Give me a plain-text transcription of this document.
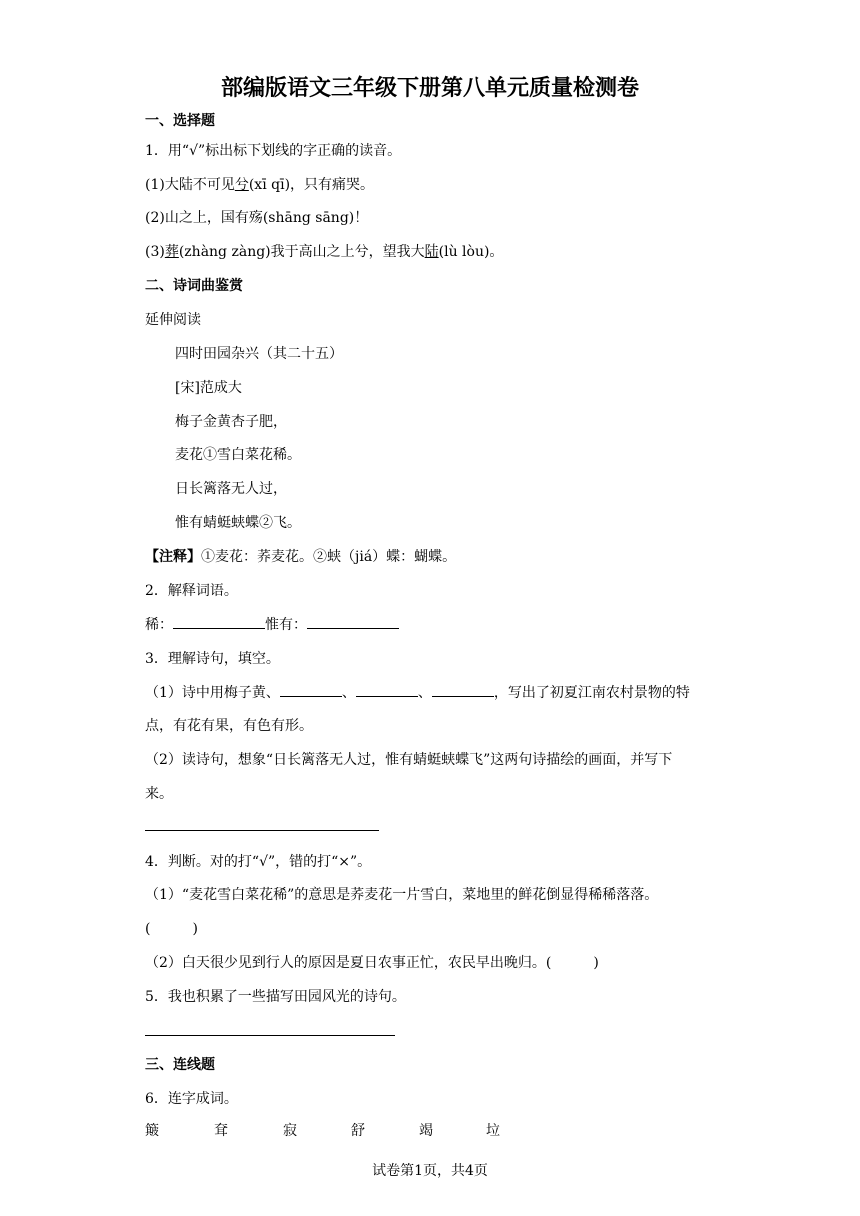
部编版语文三年级下册第八单元质量检测卷
一、选择题
1．用“√”标出标下划线的字正确的读音。
(1)大陆不可见兮(xī qī)，只有痛哭。
(2)山之上，国有殇(shāng sāng)！
(3)葬(zhàng zàng)我于高山之上兮，望我大陆(lù lòu)。
二、诗词曲鉴赏
延伸阅读
四时田园杂兴（其二十五）
[宋]范成大
梅子金黄杏子肥，
麦花①雪白菜花稀。
日长篱落无人过，
惟有蜻蜓蛱蝶②飞。
【注释】①麦花：荞麦花。②蛱（jiá）蝶：蝴蝶。
2．解释词语。
稀：	惟有：
3．理解诗句，填空。
（1）诗中用梅子黄、	、	、	，写出了初夏江南农村景物的特
点，有花有果，有色有形。
（2）读诗句，想象“日长篱落无人过，惟有蜻蜓蛱蝶飞”这两句诗描绘的画面，并写下
来。
4．判断。对的打“√”，错的打“×”。
（1）“麦花雪白菜花稀”的意思是荞麦花一片雪白，菜地里的鲜花倒显得稀稀落落。
(　　　)
（2）白天很少见到行人的原因是夏日农事正忙，农民早出晚归。(　　　)
5．我也积累了一些描写田园风光的诗句。
三、连线题
6．连字成词。
簸	耷	寂	舒	竭	垃
试卷第1页，共4页
